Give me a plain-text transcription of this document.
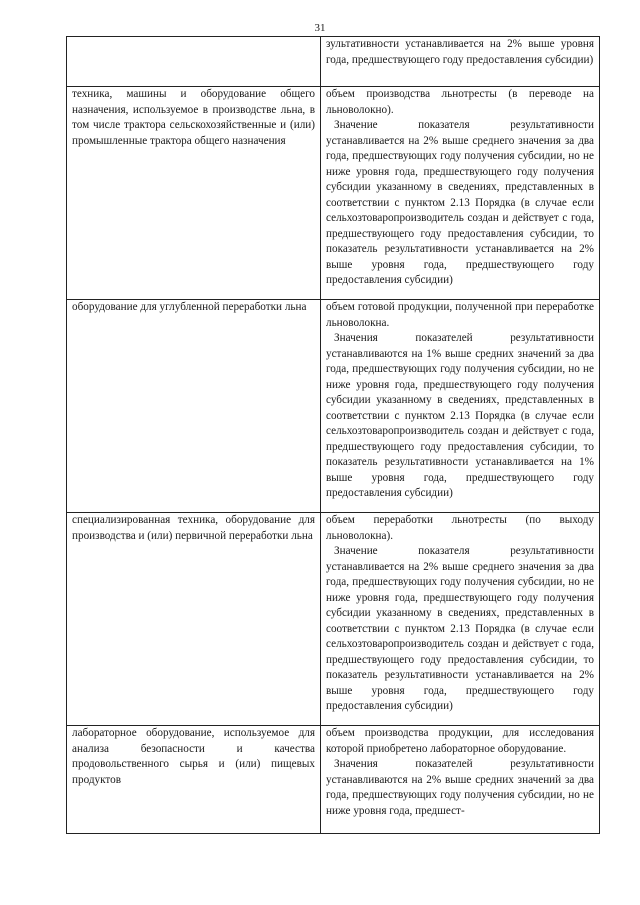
31

	зультативности устанавливается на 2% выше уровня года, предшествующего году предоставления субсидии)

техника, машины и оборудование общего назначения, используемое в производстве льна, в том числе трактора сельскохозяйственные и (или) промышленные трактора общего назначения	объем производства льнотресты (в переводе на льноволокно).

Значение показателя результативности устанавливается на 2% выше среднего значения за два года, предшествующих году получения субсидии, но не ниже уровня года, предшествующего году получения субсидии указанному в сведениях, представленных в соответствии с пунктом 2.13 Порядка (в случае если сельхозтоваропроизводитель создан и действует с года, предшествующего году предоставления субсидии, то показатель результативности устанавливается на 2% выше уровня года, предшествующего году предоставления субсидии)

оборудование для углубленной переработки льна	объем готовой продукции, полученной при переработке льноволокна.

Значения показателей результативности устанавливаются на 1% выше средних значений за два года, предшествующих году получения субсидии, но не ниже уровня года, предшествующего году получения субсидии указанному в сведениях, представленных в соответствии с пунктом 2.13 Порядка (в случае если сельхозтоваропроизводитель создан и действует с года, предшествующего году предоставления субсидии, то показатель результативности устанавливается на 1% выше уровня года, предшествующего году предоставления субсидии)

специализированная техника, оборудование для производства и (или) первичной переработки льна	объем переработки льнотресты (по выходу льноволокна).

Значение показателя результативности устанавливается на 2% выше среднего значения за два года, предшествующих году получения субсидии, но не ниже уровня года, предшествующего году получения субсидии указанному в сведениях, представленных в соответствии с пунктом 2.13 Порядка (в случае если сельхозтоваропроизводитель создан и действует с года, предшествующего году предоставления субсидии, то показатель результативности устанавливается на 2% выше уровня года, предшествующего году предоставления субсидии)

лабораторное оборудование, используемое для анализа безопасности и качества продовольственного сырья и (или) пищевых продуктов	объем производства продукции, для исследования которой приобретено лабораторное оборудование.

Значения показателей результативности устанавливаются на 2% выше средних значений за два года, предшествующих году получения субсидии, но не ниже уровня года, предшест-
